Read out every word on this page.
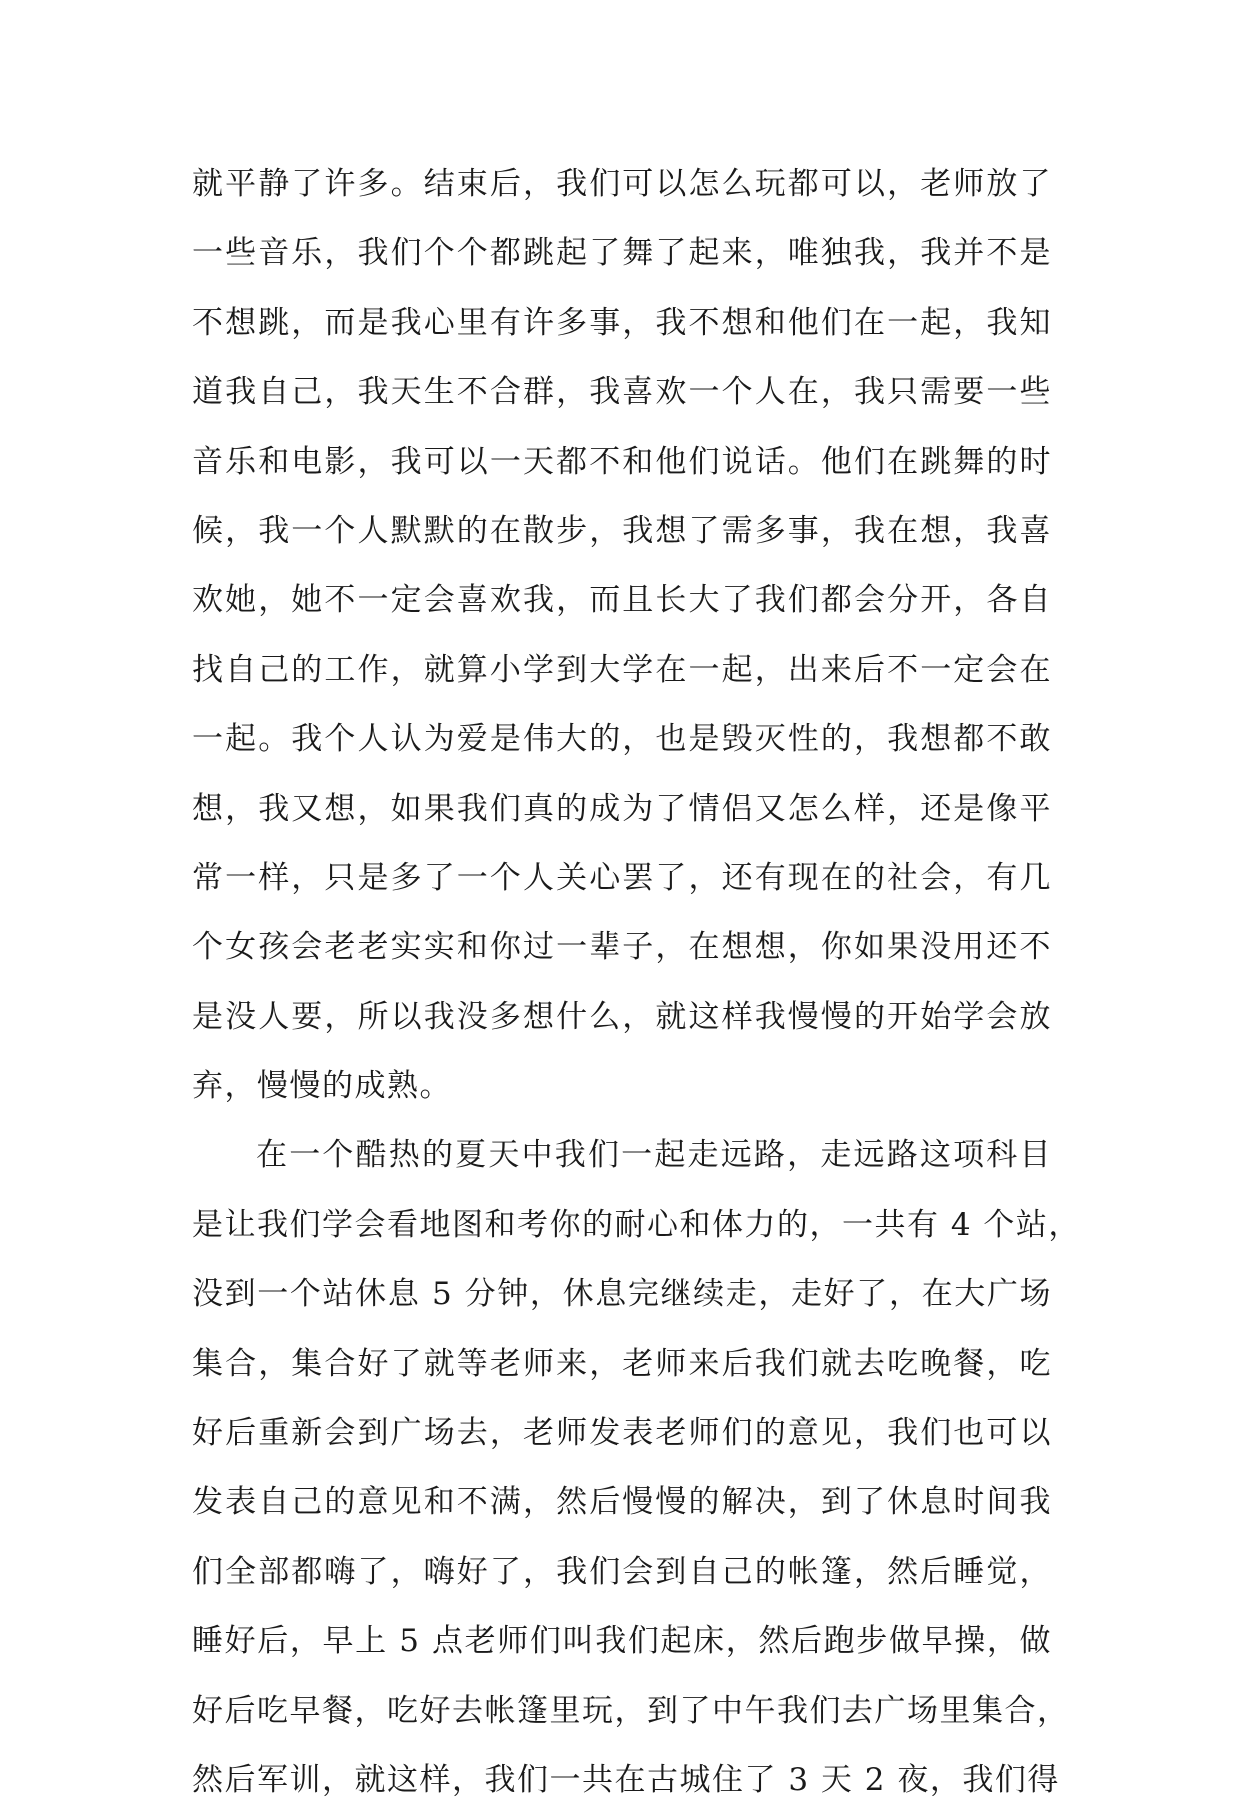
就平静了许多。结束后，我们可以怎么玩都可以，老师放了
一些音乐，我们个个都跳起了舞了起来，唯独我，我并不是
不想跳，而是我心里有许多事，我不想和他们在一起，我知
道我自己，我天生不合群，我喜欢一个人在，我只需要一些
音乐和电影，我可以一天都不和他们说话。他们在跳舞的时
候，我一个人默默的在散步，我想了需多事，我在想，我喜
欢她，她不一定会喜欢我，而且长大了我们都会分开，各自
找自己的工作，就算小学到大学在一起，出来后不一定会在
一起。我个人认为爱是伟大的，也是毁灭性的，我想都不敢
想，我又想，如果我们真的成为了情侣又怎么样，还是像平
常一样，只是多了一个人关心罢了，还有现在的社会，有几
个女孩会老老实实和你过一辈子，在想想，你如果没用还不
是没人要，所以我没多想什么，就这样我慢慢的开始学会放
弃，慢慢的成熟。
在一个酷热的夏天中我们一起走远路，走远路这项科目
是让我们学会看地图和考你的耐心和体力的，一共有 4 个站，
没到一个站休息 5 分钟，休息完继续走，走好了，在大广场
集合，集合好了就等老师来，老师来后我们就去吃晚餐，吃
好后重新会到广场去，老师发表老师们的意见，我们也可以
发表自己的意见和不满，然后慢慢的解决，到了休息时间我
们全部都嗨了，嗨好了，我们会到自己的帐篷，然后睡觉，
睡好后，早上 5 点老师们叫我们起床，然后跑步做早操，做
好后吃早餐，吃好去帐篷里玩，到了中午我们去广场里集合，
然后军训，就这样，我们一共在古城住了 3 天 2 夜，我们得
